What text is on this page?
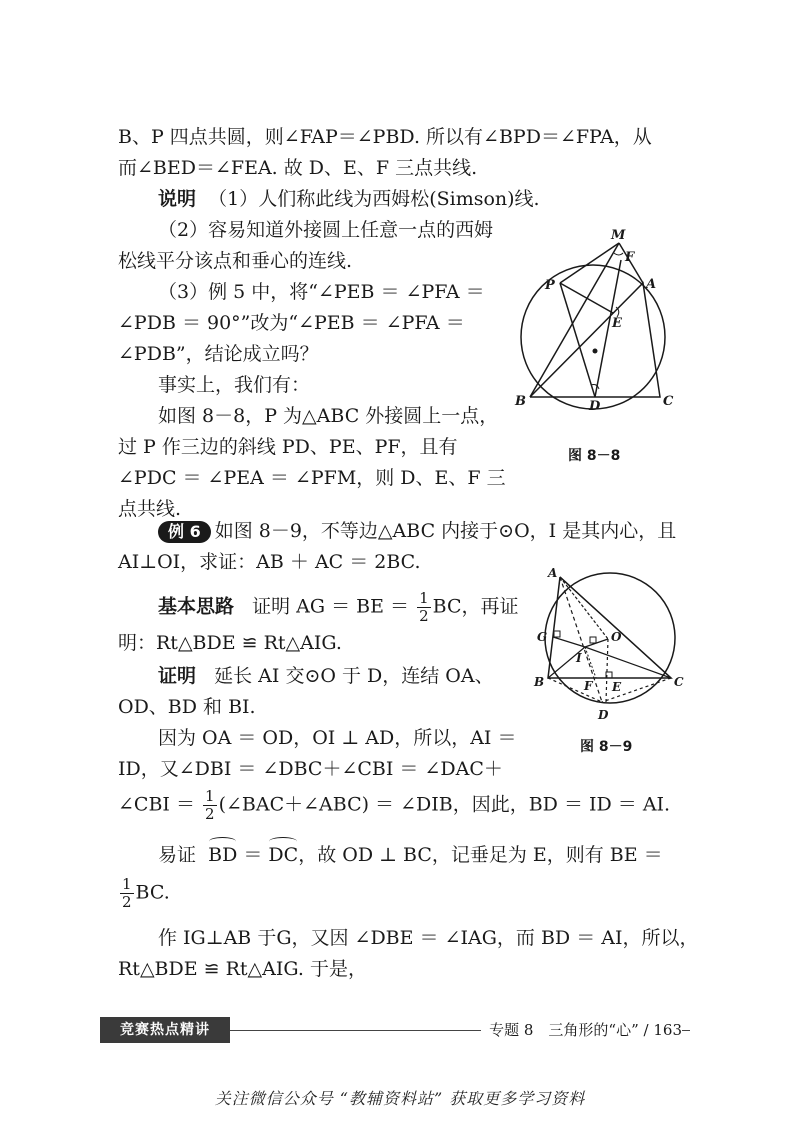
B、P 四点共圆，则∠FAP＝∠PBD. 所以有∠BPD＝∠FPA，从
而∠BED＝∠FEA. 故 D、E、F 三点共线.
说明 （1）人们称此线为西姆松(Simson)线.
（2）容易知道外接圆上任意一点的西姆
松线平分该点和垂心的连线.
（3）例 5 中，将“∠PEB ＝ ∠PFA ＝
∠PDB ＝ 90°”改为“∠PEB ＝ ∠PFA ＝
∠PDB”，结论成立吗？
事实上，我们有：
如图 8－8，P 为△ABC 外接圆上一点，
过 P 作三边的斜线 PD、PE、PF，且有
∠PDC ＝ ∠PEA ＝ ∠PFM，则 D、E、F 三
点共线.
M
F
P	A
E
B	D	C
图 8－8
例 6 如图 8－9，不等边△ABC 内接于⊙O，I 是其内心，且
AI⊥OI，求证：AB ＋ AC ＝ 2BC.
基本思路 证明 AG ＝ BE ＝ $\frac{1}{2}$ BC，再证
明：Rt△BDE ≌ Rt△AIG.
A
G	O
I
B	F E	C
D
图 8－9
证明 延长 AI 交⊙O 于 D，连结 OA、
OD、BD 和 BI.
因为 OA ＝ OD，OI ⊥ AD，所以，AI ＝
ID，又∠DBI ＝ ∠DBC＋∠CBI ＝ ∠DAC＋
∠CBI ＝ $\frac{1}{2}$ (∠BAC＋∠ABC) ＝ ∠DIB，因此，BD ＝ ID ＝ AI.
易证 BD ＝ DC，故 OD ⊥ BC，记垂足为 E，则有 BE ＝
$\frac{1}{2}$ BC.
作 IG⊥AB 于G，又因 ∠DBE ＝ ∠IAG，而 BD ＝ AI，所以，
Rt△BDE ≌ Rt△AIG. 于是，
竞赛热点精讲	专题 8　三角形的“心” / 163
关注微信公众号 “教辅资料站” 获取更多学习资料
